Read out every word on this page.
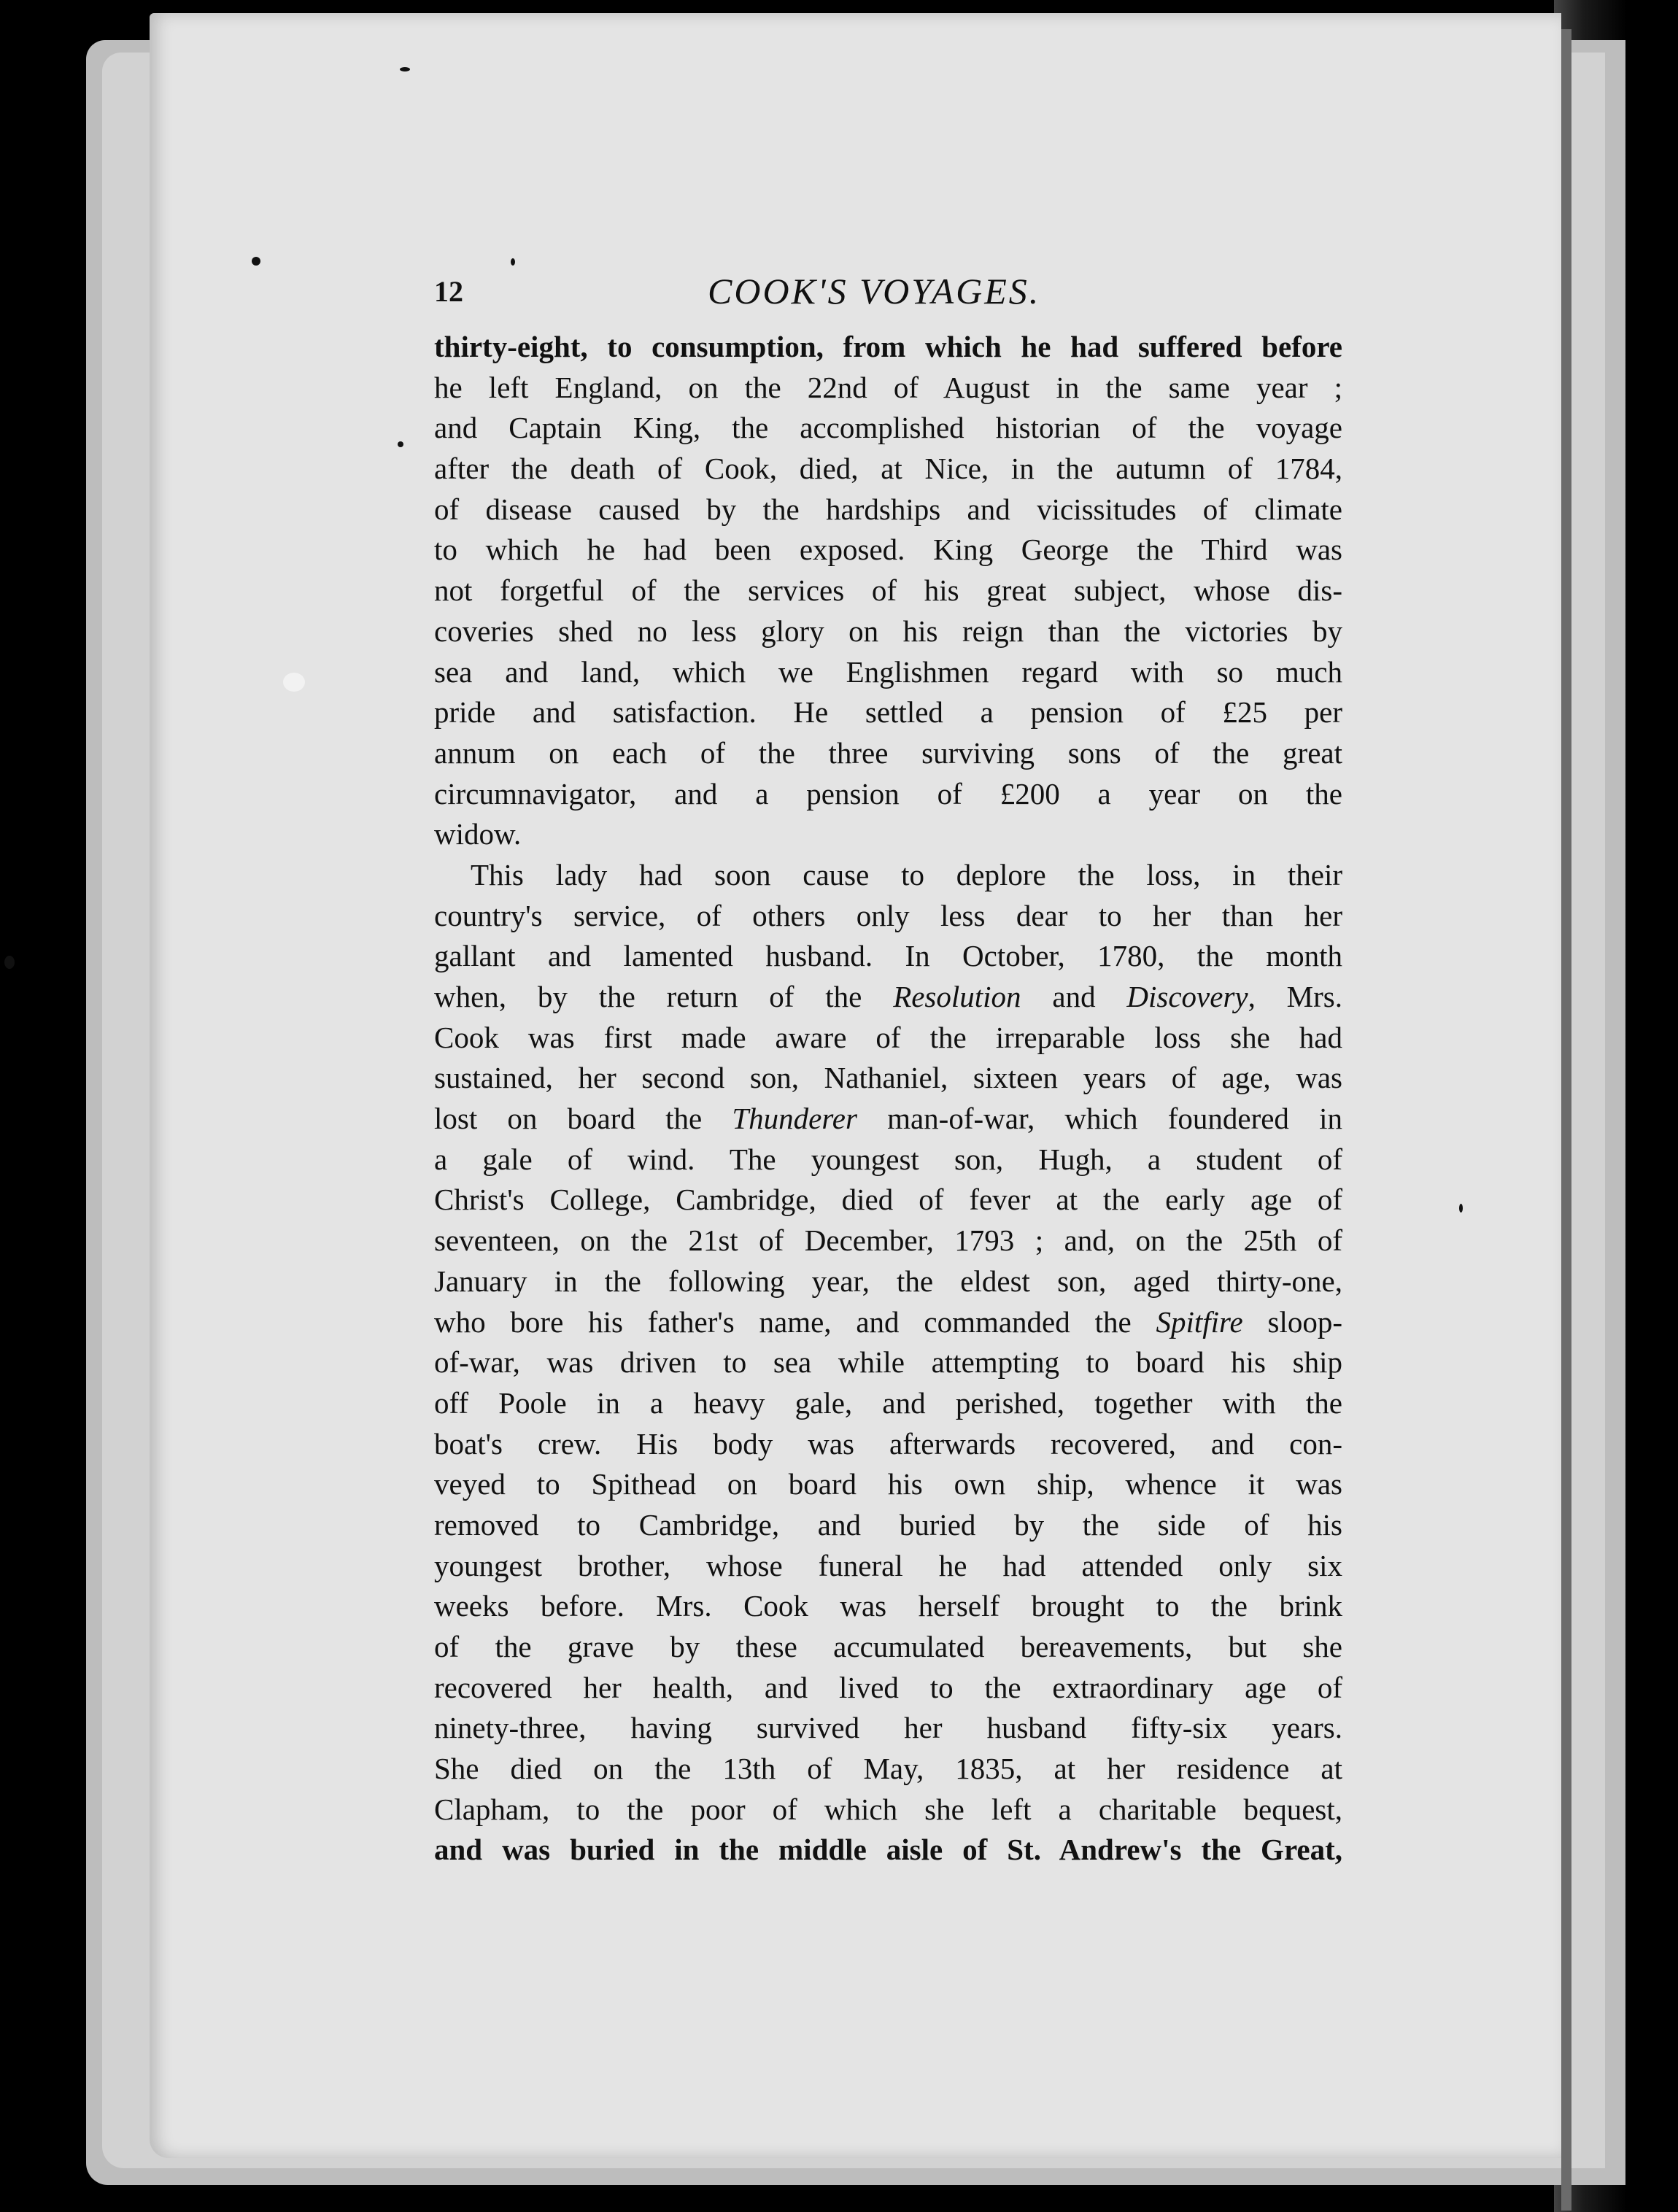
12	COOK'S VOYAGES.
thirty-eight, to consumption, from which he had suffered before
he left England, on the 22nd of August in the same year ;
and Captain King, the accomplished historian of the voyage
after the death of Cook, died, at Nice, in the autumn of 1784,
of disease caused by the hardships and vicissitudes of climate
to which he had been exposed. King George the Third was
not forgetful of the services of his great subject, whose dis-
coveries shed no less glory on his reign than the victories by
sea and land, which we Englishmen regard with so much
pride and satisfaction. He settled a pension of £25 per
annum on each of the three surviving sons of the great
circumnavigator, and a pension of £200 a year on the
widow.
This lady had soon cause to deplore the loss, in their
country's service, of others only less dear to her than her
gallant and lamented husband. In October, 1780, the month
when, by the return of the Resolution and Discovery, Mrs.
Cook was first made aware of the irreparable loss she had
sustained, her second son, Nathaniel, sixteen years of age, was
lost on board the Thunderer man-of-war, which foundered in
a gale of wind. The youngest son, Hugh, a student of
Christ's College, Cambridge, died of fever at the early age of
seventeen, on the 21st of December, 1793 ; and, on the 25th of
January in the following year, the eldest son, aged thirty-one,
who bore his father's name, and commanded the Spitfire sloop-
of-war, was driven to sea while attempting to board his ship
off Poole in a heavy gale, and perished, together with the
boat's crew. His body was afterwards recovered, and con-
veyed to Spithead on board his own ship, whence it was
removed to Cambridge, and buried by the side of his
youngest brother, whose funeral he had attended only six
weeks before. Mrs. Cook was herself brought to the brink
of the grave by these accumulated bereavements, but she
recovered her health, and lived to the extraordinary age of
ninety-three, having survived her husband fifty-six years.
She died on the 13th of May, 1835, at her residence at
Clapham, to the poor of which she left a charitable bequest,
and was buried in the middle aisle of St. Andrew's the Great,
